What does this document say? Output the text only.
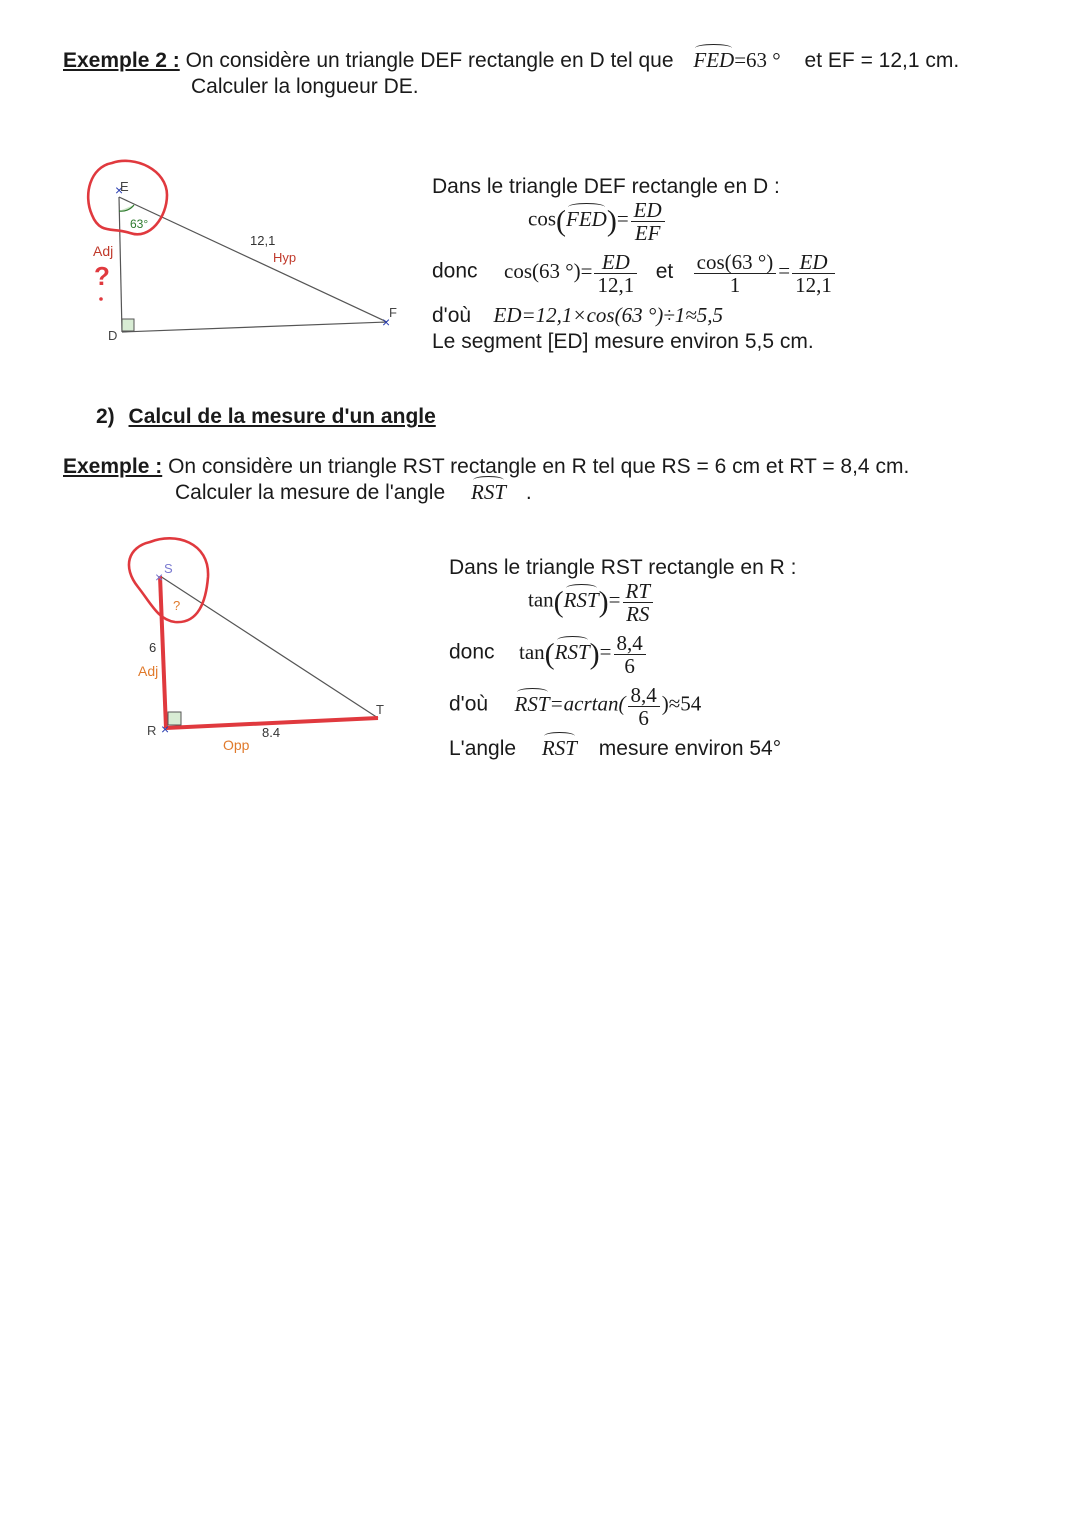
Exemple 2 : On considère un triangle DEF rectangle en D tel que FED=63 ° et EF = 12,1 cm.
Calculer la longueur DE.
×
×
E
D
F
63°
12,1
Hyp
Adj
?
Dans le triangle DEF rectangle en D :
$\cos(FED)= \frac{ED}{EF}$
donc cos(63 °)= $\frac{ED}{12,1}$ et $\frac{\cos(63 ^\circ)}{1} = \frac{ED}{12,1}$
d'où ED=12,1×cos(63 °)÷1≈5,5
Le segment [ED] mesure environ 5,5 cm.
2) Calcul de la mesure d'un angle
Exemple : On considère un triangle RST rectangle en R tel que RS = 6 cm et RT = 8,4 cm.
Calculer la mesure de l'angle RST .
×
×
S
R
T
?
6
Adj
8.4
Opp
Dans le triangle RST rectangle en R :
$\tan(RST)= \frac{RT}{RS}$
donc $\tan(RST)= \frac{8,4}{6}$
d'où $RST=acrtan( \frac{8,4}{6} )\approx 54$
L'angle RST mesure environ 54°
